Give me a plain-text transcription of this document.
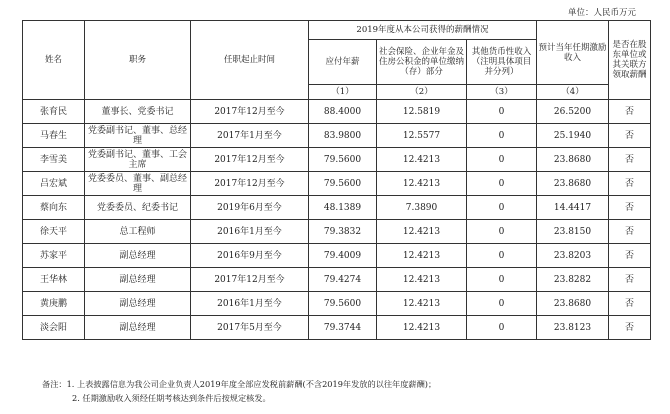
单位：人民币万元
姓名	职务	任职起止时间	2019年度从本公司获得的薪酬情况			预计当年任期激励收入	是否在股东单位或其关联方领取薪酬
			应付年薪	社会保险、企业年金及住房公积金的单位缴纳（存）部分	其他货币性收入（注明具体项目并分列）		
			（1）	（2）	（3）	（4）	
张育民	董事长、党委书记	2017年12月至今	88.4000	12.5819	0	26.5200	否
马春生	党委副书记、董事、总经理	2017年1月至今	83.9800	12.5577	0	25.1940	否
李雪美	党委副书记、董事、工会主席	2017年12月至今	79.5600	12.4213	0	23.8680	否
吕宏斌	党委委员、董事、副总经理	2017年12月至今	79.5600	12.4213	0	23.8680	否
蔡向东	党委委员、纪委书记	2019年6月至今	48.1389	7.3890	0	14.4417	否
徐天平	总工程师	2016年1月至今	79.3832	12.4213	0	23.8150	否
苏家平	副总经理	2016年9月至今	79.4009	12.4213	0	23.8203	否
王华林	副总经理	2017年12月至今	79.4274	12.4213	0	23.8282	否
黄庚鹏	副总经理	2016年1月至今	79.5600	12.4213	0	23.8680	否
淡会阳	副总经理	2017年5月至今	79.3744	12.4213	0	23.8123	否
备注：1. 上表披露信息为我公司企业负责人2019年度全部应发税前薪酬(不含2019年发放的以往年度薪酬)；
2. 任期激励收入须经任期考核达到条件后按规定核发。
